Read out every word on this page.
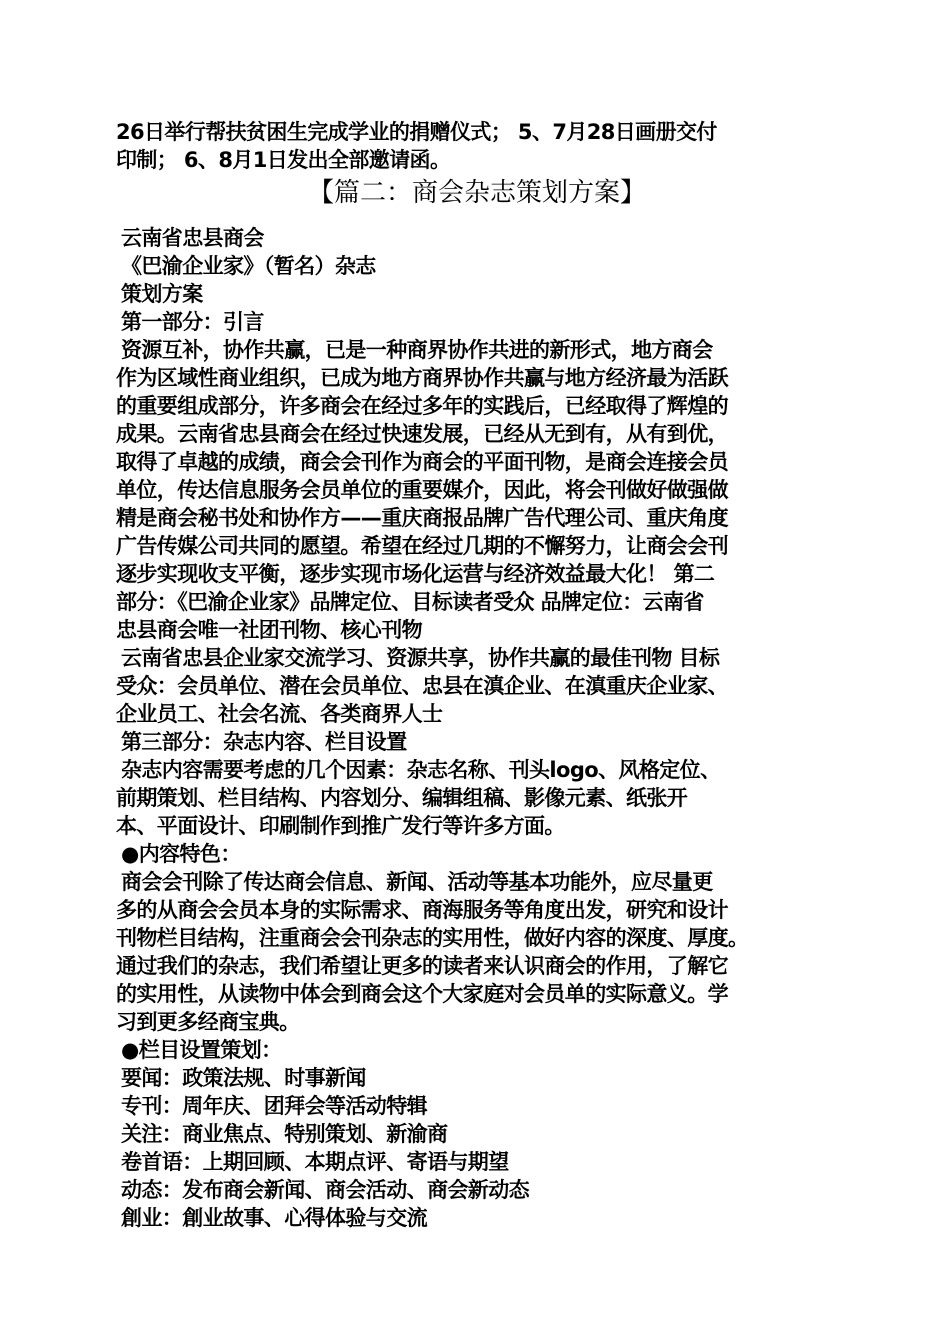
26日举行帮扶贫困生完成学业的捐赠仪式； 5、7月28日画册交付

印制； 6、8月1日发出全部邀请函。

【篇二：商会杂志策划方案】

云南省忠县商会

《巴渝企业家》（暂名）杂志

策划方案

第一部分：引言

资源互补，协作共赢，已是一种商界协作共进的新形式，地方商会

作为区域性商业组织，已成为地方商界协作共赢与地方经济最为活跃

的重要组成部分，许多商会在经过多年的实践后，已经取得了辉煌的

成果。云南省忠县商会在经过快速发展，已经从无到有，从有到优，

取得了卓越的成绩，商会会刊作为商会的平面刊物，是商会连接会员

单位，传达信息服务会员单位的重要媒介，因此，将会刊做好做强做

精是商会秘书处和协作方——重庆商报品牌广告代理公司、重庆角度

广告传媒公司共同的愿望。希望在经过几期的不懈努力，让商会会刊

逐步实现收支平衡，逐步实现市场化运营与经济效益最大化！ 第二

部分：《巴渝企业家》品牌定位、目标读者受众 品牌定位：云南省

忠县商会唯一社团刊物、核心刊物

云南省忠县企业家交流学习、资源共享，协作共赢的最佳刊物 目标

受众：会员单位、潜在会员单位、忠县在滇企业、在滇重庆企业家、

企业员工、社会名流、各类商界人士

第三部分：杂志内容、栏目设置

杂志内容需要考虑的几个因素：杂志名称、刊头logo、风格定位、

前期策划、栏目结构、内容划分、编辑组稿、影像元素、纸张开

本、平面设计、印刷制作到推广发行等许多方面。

●内容特色：

商会会刊除了传达商会信息、新闻、活动等基本功能外，应尽量更

多的从商会会员本身的实际需求、商海服务等角度出发，研究和设计

刊物栏目结构，注重商会会刊杂志的实用性，做好内容的深度、厚度。

通过我们的杂志，我们希望让更多的读者来认识商会的作用，了解它

的实用性，从读物中体会到商会这个大家庭对会员单的实际意义。学

习到更多经商宝典。

●栏目设置策划：

要闻：政策法规、时事新闻

专刊：周年庆、团拜会等活动特辑

关注：商业焦点、特别策划、新渝商

卷首语：上期回顾、本期点评、寄语与期望

动态：发布商会新闻、商会活动、商会新动态

創业：創业故事、心得体验与交流
